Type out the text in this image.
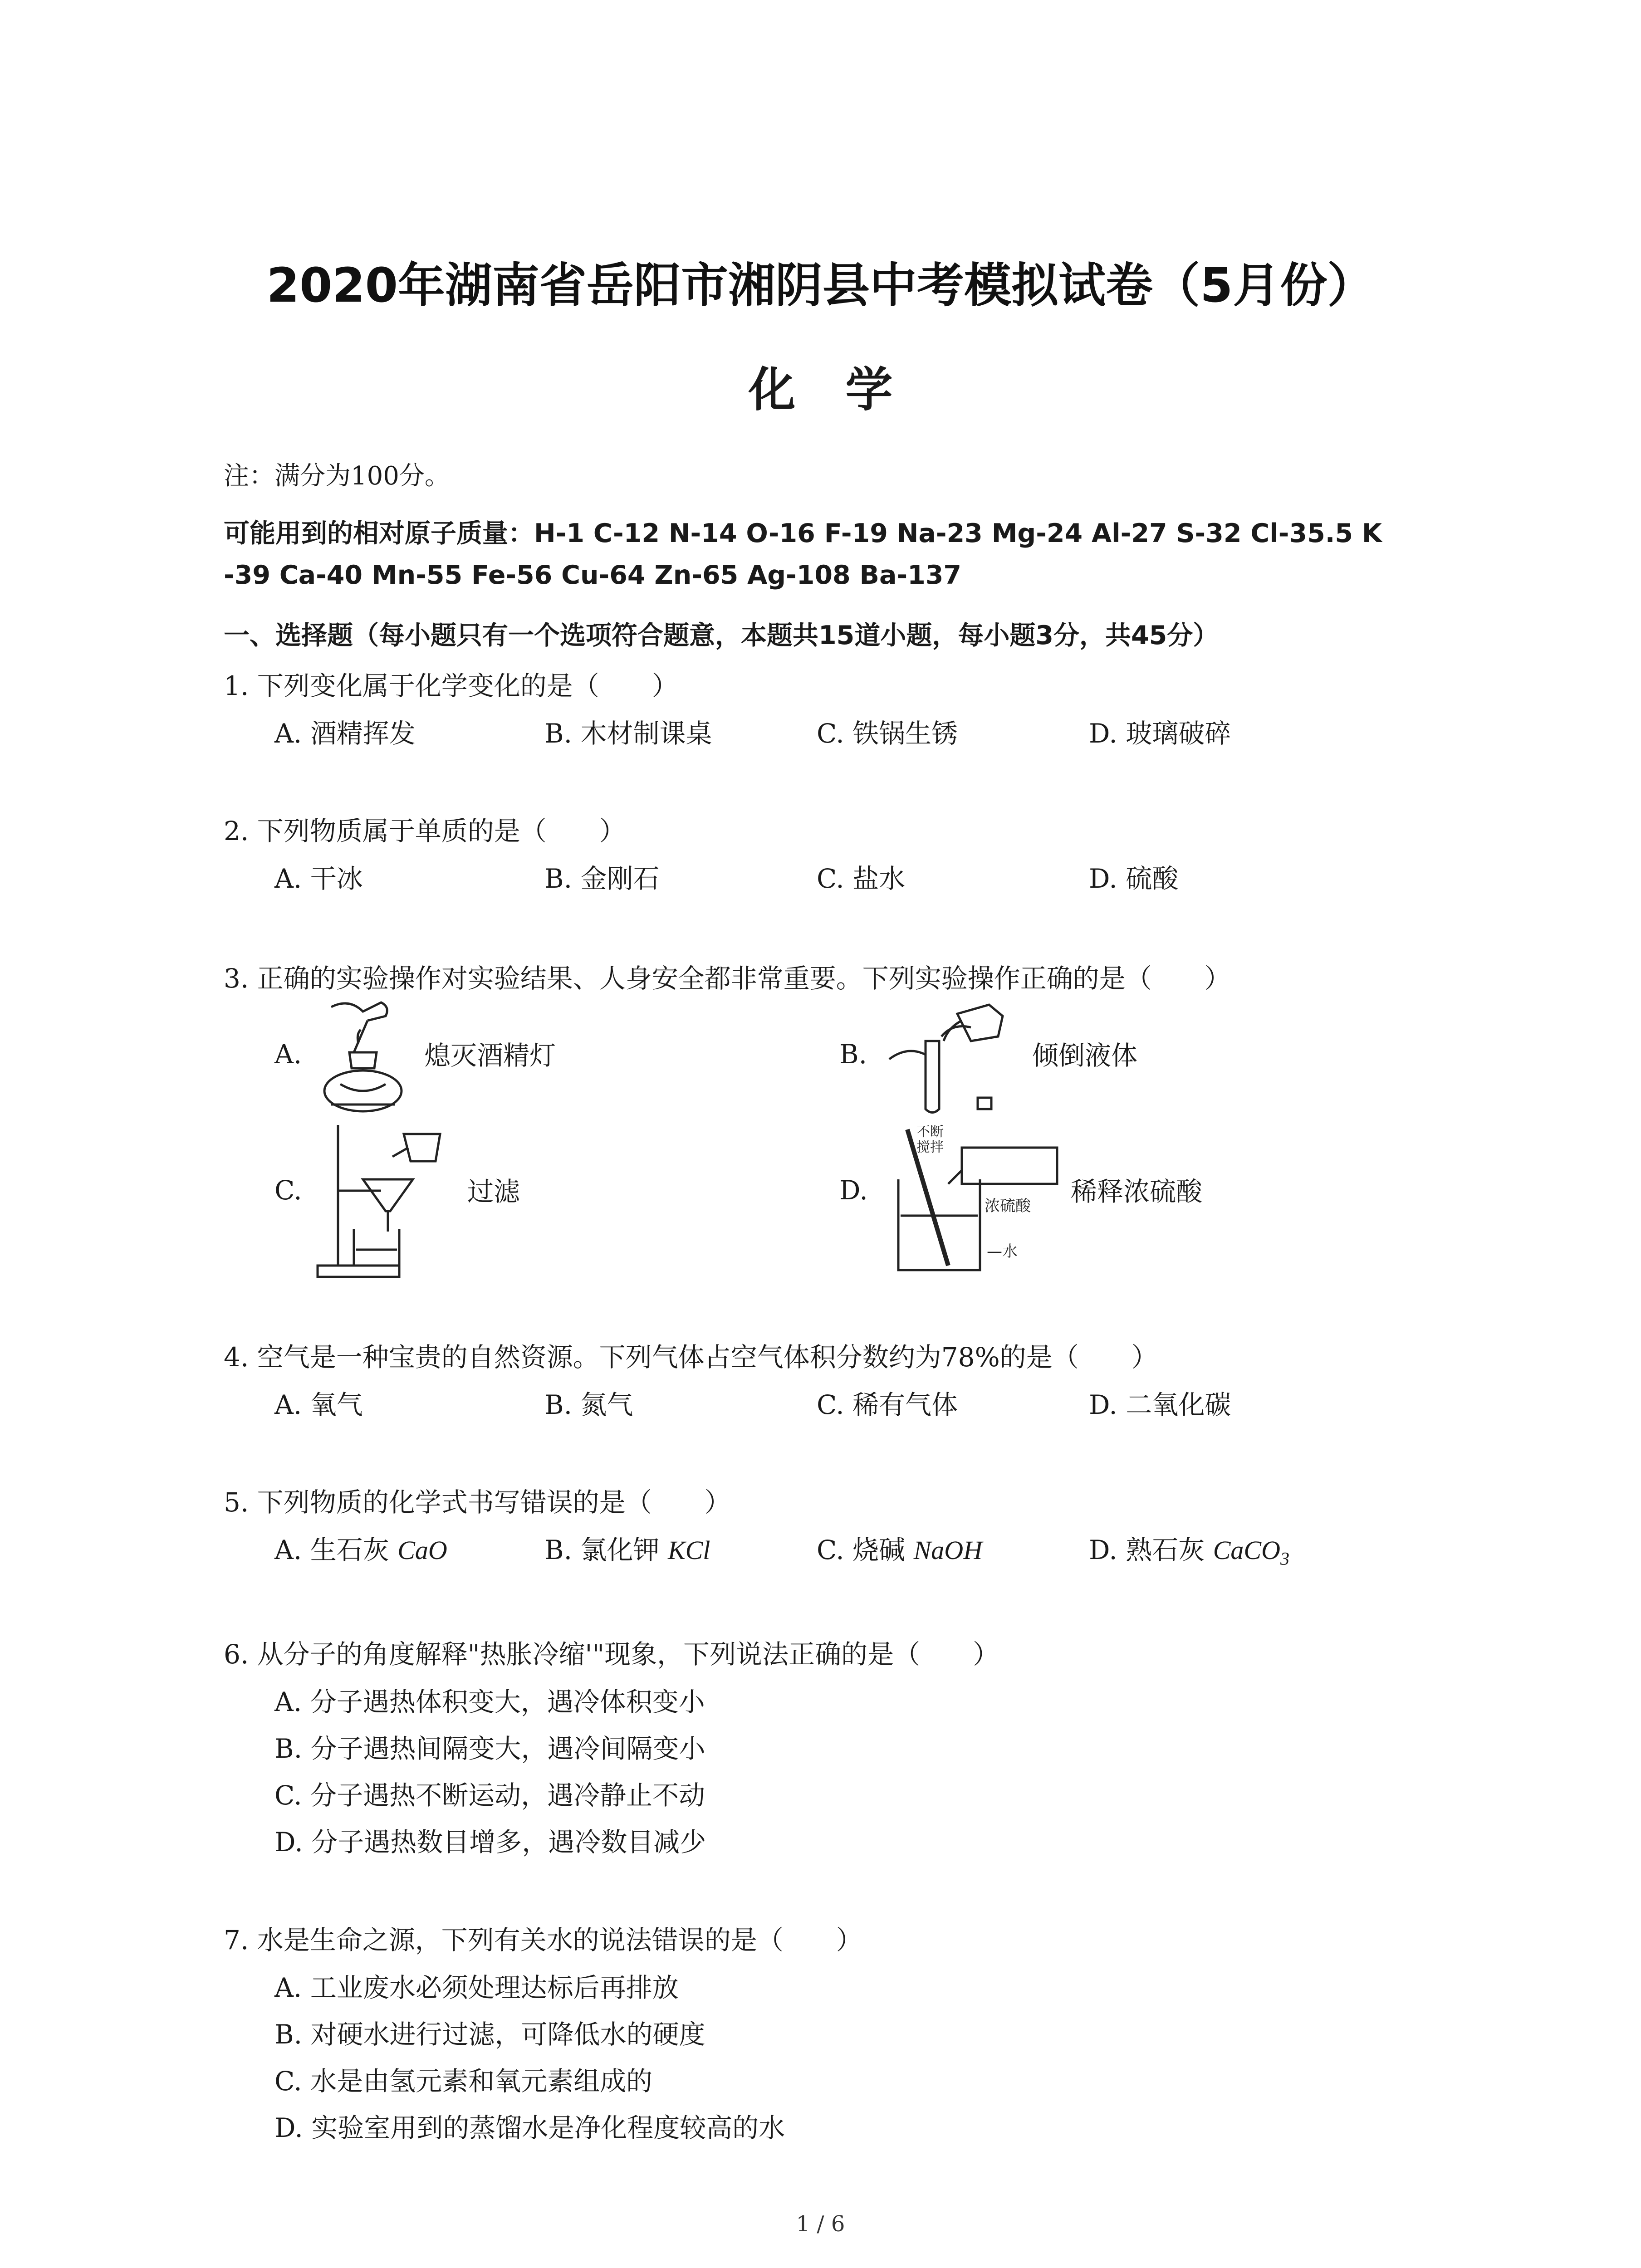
2020年湖南省岳阳市湘阴县中考模拟试卷（5月份）
化学
注：满分为100分。
可能用到的相对原子质量：H-1 C-12 N-14 O-16 F-19 Na-23 Mg-24 Al-27 S-32 Cl-35.5 K
-39 Ca-40 Mn-55 Fe-56 Cu-64 Zn-65 Ag-108 Ba-137
一、选择题（每小题只有一个选项符合题意，本题共15道小题，每小题3分，共45分）
1. 下列变化属于化学变化的是（　　）
A. 酒精挥发	B. 木材制课桌	C. 铁锅生锈	D. 玻璃破碎
2. 下列物质属于单质的是（　　）
A. 干冰	B. 金刚石	C. 盐水	D. 硫酸
3. 正确的实验操作对实验结果、人身安全都非常重要。下列实验操作正确的是（　　）
A.	熄灭酒精灯	B.	倾倒液体
C.	过滤	D.
不断 搅拌
浓硫酸
—水
稀释浓硫酸
4. 空气是一种宝贵的自然资源。下列气体占空气体积分数约为78%的是（　　）
A. 氧气	B. 氮气	C. 稀有气体	D. 二氧化碳
5. 下列物质的化学式书写错误的是（　　）
A. 生石灰 CaO	B. 氯化钾 KCl	C. 烧碱 NaOH	D. 熟石灰 CaCO$_3$
6. 从分子的角度解释"热胀冷缩'"现象，下列说法正确的是（　　）
A. 分子遇热体积变大，遇冷体积变小
B. 分子遇热间隔变大，遇冷间隔变小
C. 分子遇热不断运动，遇冷静止不动
D. 分子遇热数目增多，遇冷数目减少
7. 水是生命之源，下列有关水的说法错误的是（　　）
A. 工业废水必须处理达标后再排放
B. 对硬水进行过滤，可降低水的硬度
C. 水是由氢元素和氧元素组成的
D. 实验室用到的蒸馏水是净化程度较高的水
1 / 6
